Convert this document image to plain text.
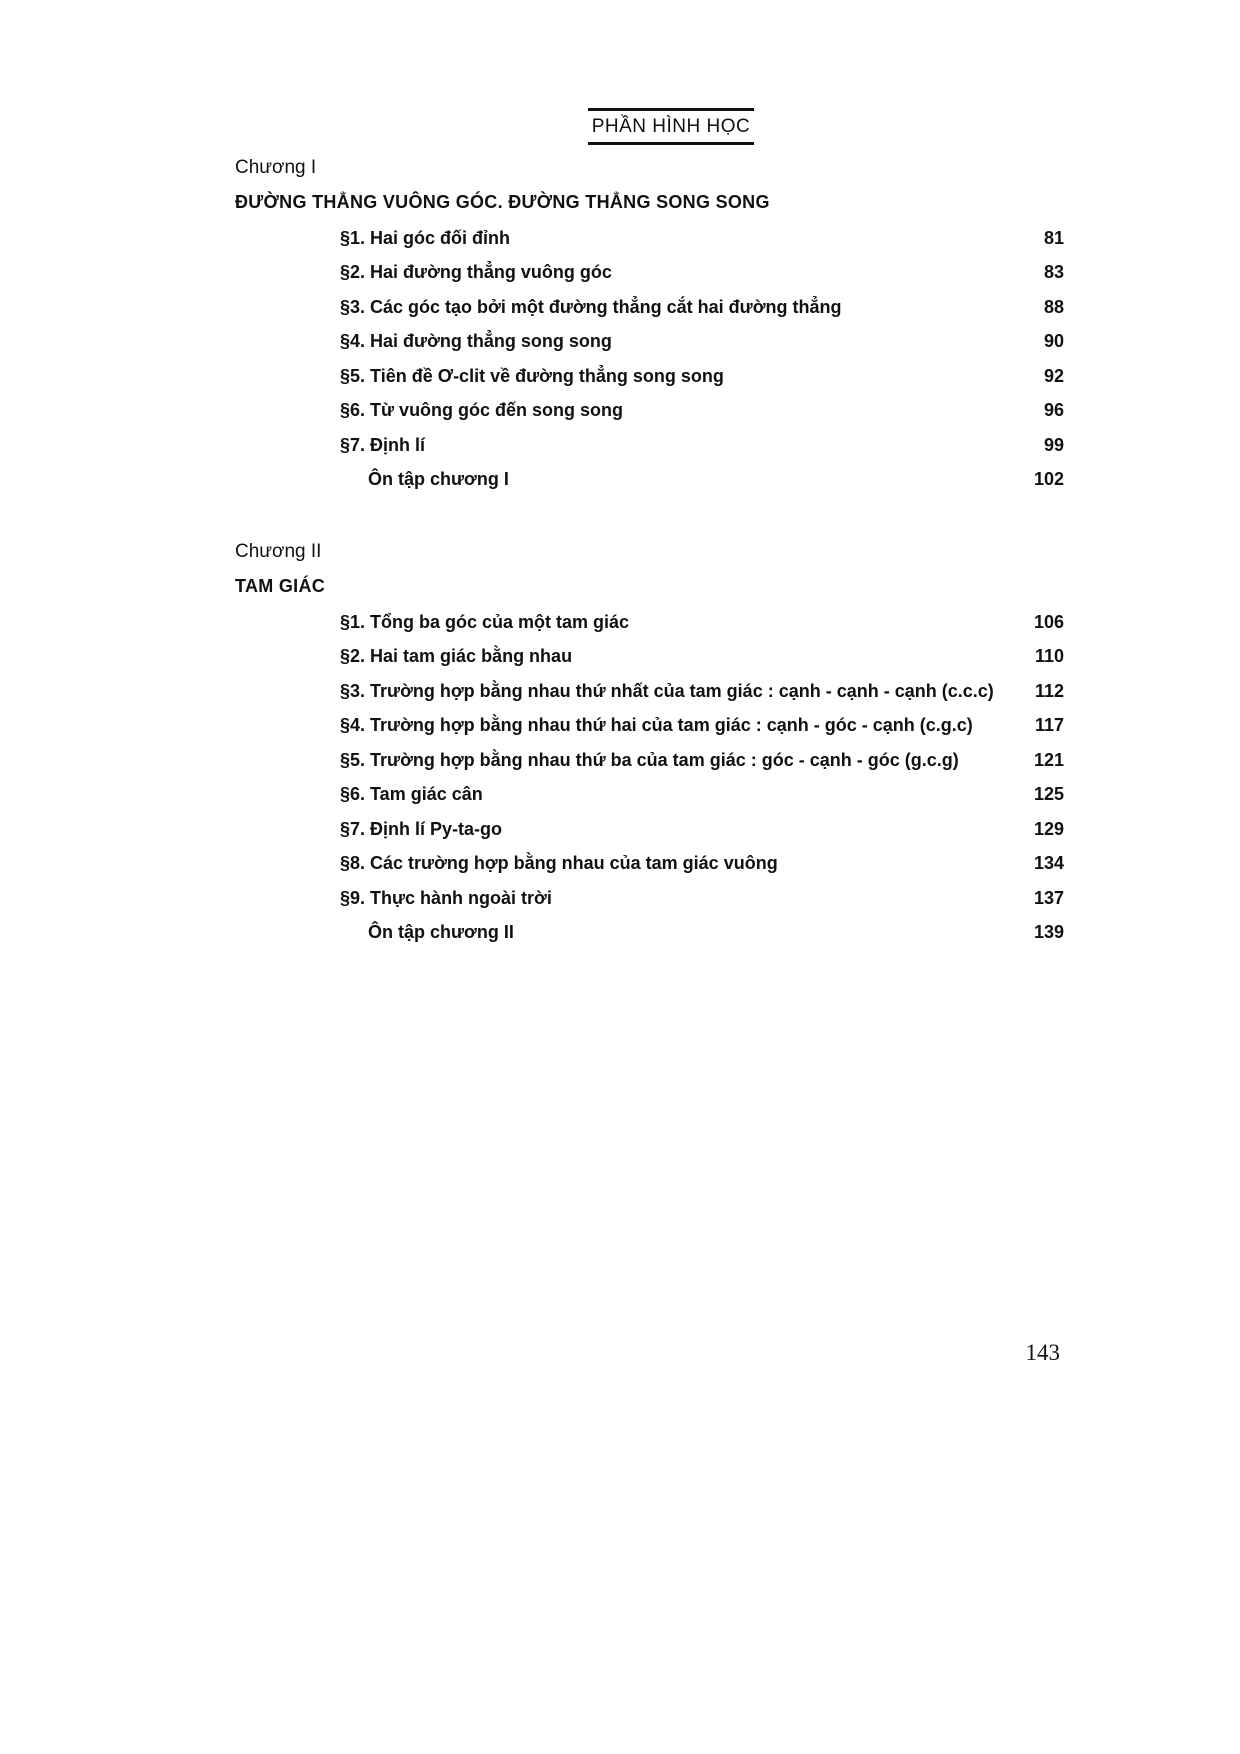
PHẦN HÌNH HỌC
Chương I
ĐƯỜNG THẲNG VUÔNG GÓC. ĐƯỜNG THẲNG SONG SONG
§1. Hai góc đối đỉnh	81
§2. Hai đường thẳng vuông góc	83
§3. Các góc tạo bởi một đường thẳng cắt hai đường thẳng	88
§4. Hai đường thẳng song song	90
§5. Tiên đề Ơ-clit về đường thẳng song song	92
§6. Từ vuông góc đến song song	96
§7. Định lí	99
Ôn tập chương I	102
Chương II
TAM GIÁC
§1. Tổng ba góc của một tam giác	106
§2. Hai tam giác bằng nhau	110
§3. Trường hợp bằng nhau thứ nhất của tam giác : cạnh - cạnh - cạnh (c.c.c)	112
§4. Trường hợp bằng nhau thứ hai của tam giác : cạnh - góc - cạnh (c.g.c)	117
§5. Trường hợp bằng nhau thứ ba của tam giác : góc - cạnh - góc (g.c.g)	121
§6. Tam giác cân	125
§7. Định lí Py-ta-go	129
§8. Các trường hợp bằng nhau của tam giác vuông	134
§9. Thực hành ngoài trời	137
Ôn tập chương II	139
143
